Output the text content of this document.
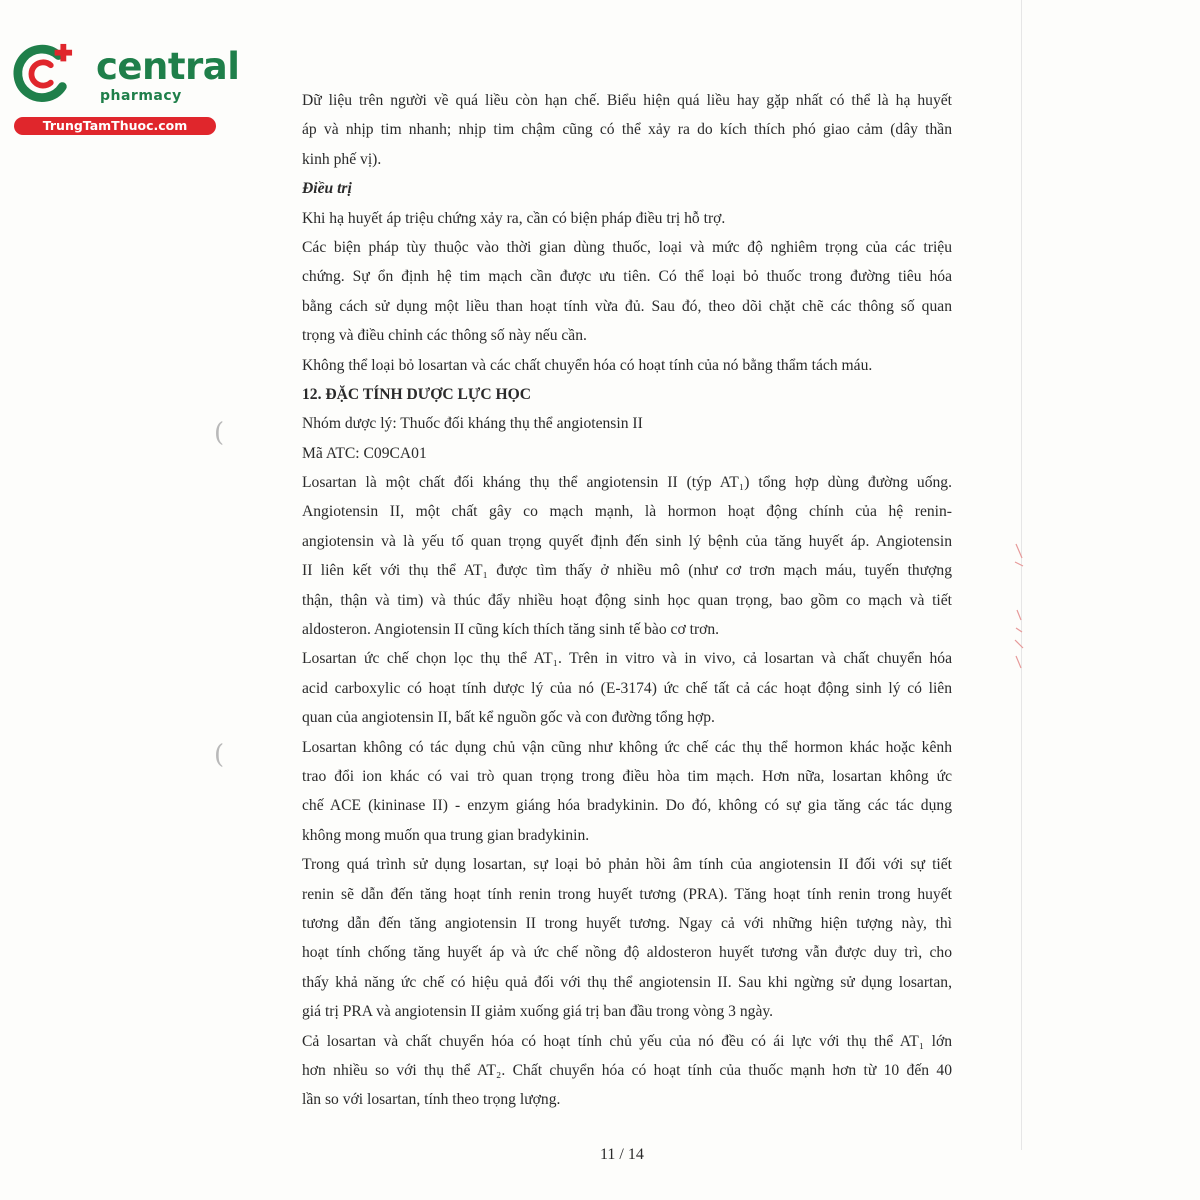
central
pharmacy
TrungTamThuoc.com
(
(
Dữ liệu trên người về quá liều còn hạn chế. Biểu hiện quá liều hay gặp nhất có thể là hạ huyết
áp và nhịp tim nhanh; nhịp tim chậm cũng có thể xảy ra do kích thích phó giao cảm (dây thần
kinh phế vị).
Điều trị
Khi hạ huyết áp triệu chứng xảy ra, cần có biện pháp điều trị hỗ trợ.
Các biện pháp tùy thuộc vào thời gian dùng thuốc, loại và mức độ nghiêm trọng của các triệu
chứng. Sự ổn định hệ tim mạch cần được ưu tiên. Có thể loại bỏ thuốc trong đường tiêu hóa
bằng cách sử dụng một liều than hoạt tính vừa đủ. Sau đó, theo dõi chặt chẽ các thông số quan
trọng và điều chỉnh các thông số này nếu cần.
Không thể loại bỏ losartan và các chất chuyển hóa có hoạt tính của nó bằng thẩm tách máu.
12. ĐẶC TÍNH DƯỢC LỰC HỌC
Nhóm dược lý: Thuốc đối kháng thụ thể angiotensin II
Mã ATC: C09CA01
Losartan là một chất đối kháng thụ thể angiotensin II (týp AT₁) tổng hợp dùng đường uống.
Angiotensin II, một chất gây co mạch mạnh, là hormon hoạt động chính của hệ renin-
angiotensin và là yếu tố quan trọng quyết định đến sinh lý bệnh của tăng huyết áp. Angiotensin
II liên kết với thụ thể AT₁ được tìm thấy ở nhiều mô (như cơ trơn mạch máu, tuyến thượng
thận, thận và tim) và thúc đẩy nhiều hoạt động sinh học quan trọng, bao gồm co mạch và tiết
aldosteron. Angiotensin II cũng kích thích tăng sinh tế bào cơ trơn.
Losartan ức chế chọn lọc thụ thể AT₁. Trên in vitro và in vivo, cả losartan và chất chuyển hóa
acid carboxylic có hoạt tính dược lý của nó (E-3174) ức chế tất cả các hoạt động sinh lý có liên
quan của angiotensin II, bất kể nguồn gốc và con đường tổng hợp.
Losartan không có tác dụng chủ vận cũng như không ức chế các thụ thể hormon khác hoặc kênh
trao đổi ion khác có vai trò quan trọng trong điều hòa tim mạch. Hơn nữa, losartan không ức
chế ACE (kininase II) - enzym giáng hóa bradykinin. Do đó, không có sự gia tăng các tác dụng
không mong muốn qua trung gian bradykinin.
Trong quá trình sử dụng losartan, sự loại bỏ phản hồi âm tính của angiotensin II đối với sự tiết
renin sẽ dẫn đến tăng hoạt tính renin trong huyết tương (PRA). Tăng hoạt tính renin trong huyết
tương dẫn đến tăng angiotensin II trong huyết tương. Ngay cả với những hiện tượng này, thì
hoạt tính chống tăng huyết áp và ức chế nồng độ aldosteron huyết tương vẫn được duy trì, cho
thấy khả năng ức chế có hiệu quả đối với thụ thể angiotensin II. Sau khi ngừng sử dụng losartan,
giá trị PRA và angiotensin II giảm xuống giá trị ban đầu trong vòng 3 ngày.
Cả losartan và chất chuyển hóa có hoạt tính chủ yếu của nó đều có ái lực với thụ thể AT₁ lớn
hơn nhiều so với thụ thể AT₂. Chất chuyển hóa có hoạt tính của thuốc mạnh hơn từ 10 đến 40
lần so với losartan, tính theo trọng lượng.
11 / 14
